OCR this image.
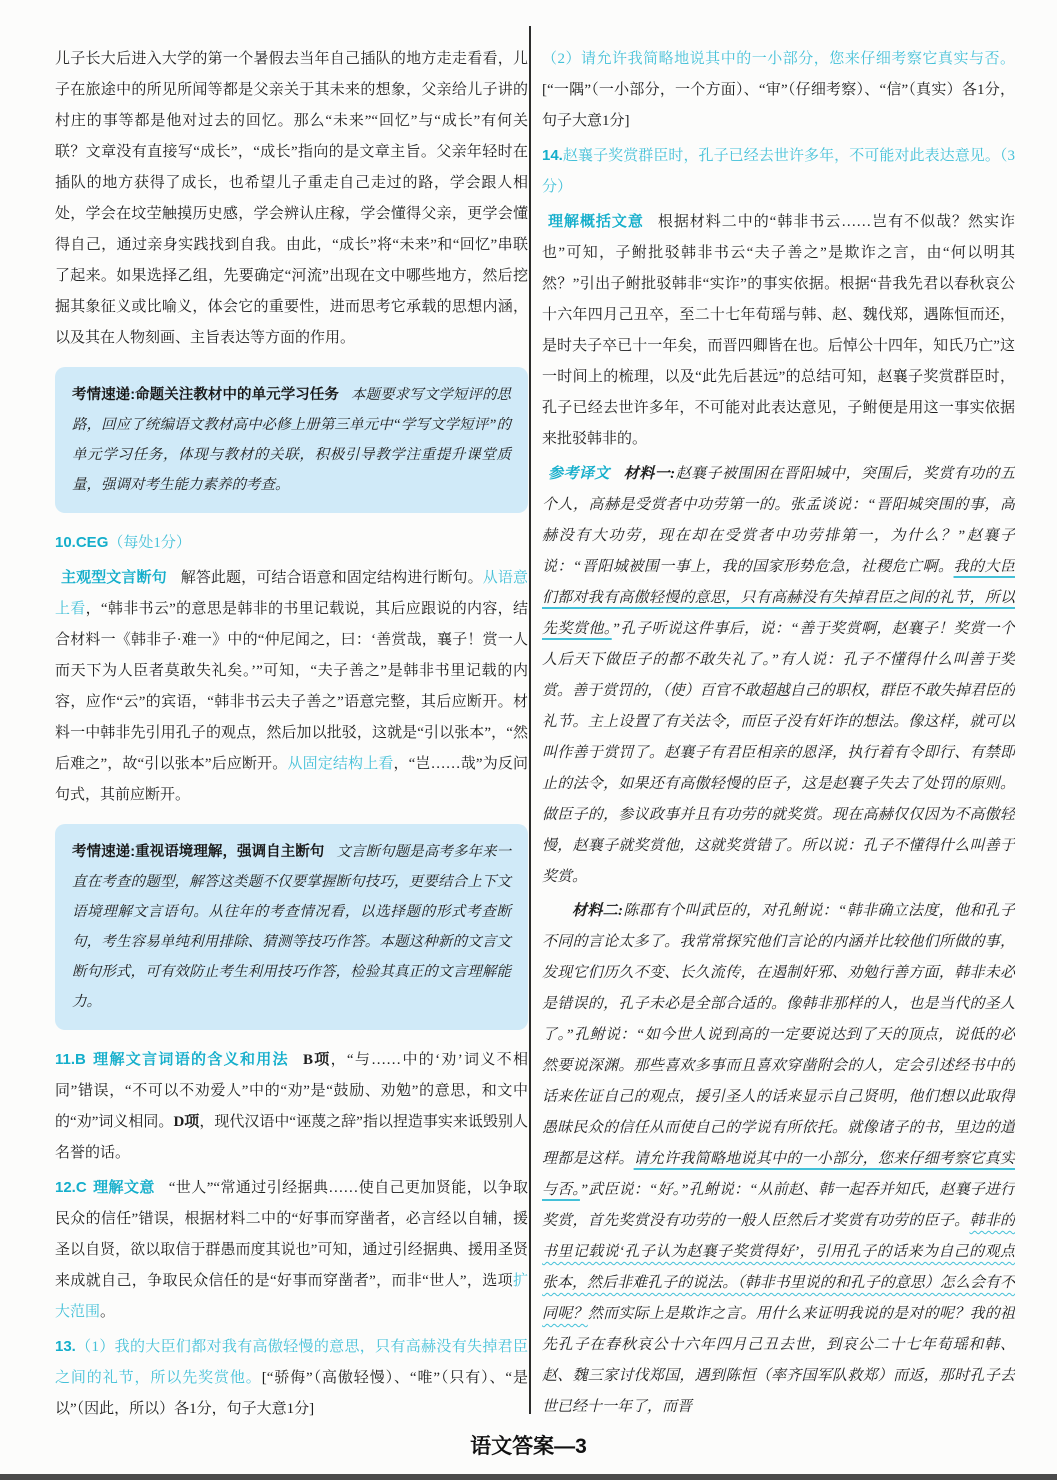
儿子长大后进入大学的第一个暑假去当年自己插队的地方走走看看，儿子在旅途中的所见所闻等都是父亲关于其未来的想象，父亲给儿子讲的村庄的事等都是他对过去的回忆。那么“未来”“回忆”与“成长”有何关联？文章没有直接写“成长”，“成长”指向的是文章主旨。父亲年轻时在插队的地方获得了成长，也希望儿子重走自己走过的路，学会跟人相处，学会在坟茔触摸历史感，学会辨认庄稼，学会懂得父亲，更学会懂得自己，通过亲身实践找到自我。由此，“成长”将“未来”和“回忆”串联了起来。如果选择乙组，先要确定“河流”出现在文中哪些地方，然后挖掘其象征义或比喻义，体会它的重要性，进而思考它承载的思想内涵，以及其在人物刻画、主旨表达等方面的作用。
考情速递:命题关注教材中的单元学习任务 本题要求写文学短评的思路，回应了统编语文教材高中必修上册第三单元中“学写文学短评”的单元学习任务，体现与教材的关联，积极引导教学注重提升课堂质量，强调对考生能力素养的考查。
10.CEG（每处1分）
主观型文言断句 解答此题，可结合语意和固定结构进行断句。从语意上看，“韩非书云”的意思是韩非的书里记载说，其后应跟说的内容，结合材料一《韩非子·难一》中的“仲尼闻之，曰：‘善赏哉，襄子！赏一人而天下为人臣者莫敢失礼矣。’”可知，“夫子善之”是韩非书里记载的内容，应作“云”的宾语，“韩非书云夫子善之”语意完整，其后应断开。材料一中韩非先引用孔子的观点，然后加以批驳，这就是“引以张本”，“然后难之”，故“引以张本”后应断开。从固定结构上看，“岂……哉”为反问句式，其前应断开。
考情速递:重视语境理解，强调自主断句 文言断句题是高考多年来一直在考查的题型，解答这类题不仅要掌握断句技巧，更要结合上下文语境理解文言语句。从往年的考查情况看，以选择题的形式考查断句，考生容易单纯利用排除、猜测等技巧作答。本题这种新的文言文断句形式，可有效防止考生利用技巧作答，检验其真正的文言理解能力。
11.B 理解文言词语的含义和用法 B项，“与……中的‘劝’词义不相同”错误，“不可以不劝爱人”中的“劝”是“鼓励、劝勉”的意思，和文中的“劝”词义相同。D项，现代汉语中“诬蔑之辞”指以捏造事实来诋毁别人名誉的话。
12.C 理解文意 “世人”“常通过引经据典……使自己更加贤能，以争取民众的信任”错误，根据材料二中的“好事而穿凿者，必言经以自辅，援圣以自贤，欲以取信于群愚而度其说也”可知，通过引经据典、援用圣贤来成就自己，争取民众信任的是“好事而穿凿者”，而非“世人”，选项扩大范围。
13.（1）我的大臣们都对我有高傲轻慢的意思，只有高赫没有失掉君臣之间的礼节，所以先奖赏他。[“骄侮”（高傲轻慢）、“唯”（只有）、“是以”（因此，所以）各1分，句子大意1分]
（2）请允许我简略地说其中的一小部分，您来仔细考察它真实与否。[“一隅”（一小部分，一个方面）、“审”（仔细考察）、“信”（真实）各1分，句子大意1分]
14.赵襄子奖赏群臣时，孔子已经去世许多年，不可能对此表达意见。（3分）
理解概括文意 根据材料二中的“韩非书云……岂有不似哉？然实诈也”可知，子鲋批驳韩非书云“夫子善之”是欺诈之言，由“何以明其然？”引出子鲋批驳韩非“实诈”的事实依据。根据“昔我先君以春秋哀公十六年四月己丑卒，至二十七年荀瑶与韩、赵、魏伐郑，遇陈恒而还，是时夫子卒已十一年矣，而晋四卿皆在也。后悼公十四年，知氏乃亡”这一时间上的梳理，以及“此先后甚远”的总结可知，赵襄子奖赏群臣时，孔子已经去世许多年，不可能对此表达意见，子鲋便是用这一事实依据来批驳韩非的。
参考译文 材料一:赵襄子被围困在晋阳城中，突围后，奖赏有功的五个人，高赫是受赏者中功劳第一的。张孟谈说：“晋阳城突围的事，高赫没有大功劳，现在却在受赏者中功劳排第一，为什么？”赵襄子说：“晋阳城被围一事上，我的国家形势危急，社稷危亡啊。我的大臣们都对我有高傲轻慢的意思，只有高赫没有失掉君臣之间的礼节，所以先奖赏他。”孔子听说这件事后，说：“善于奖赏啊，赵襄子！奖赏一个人后天下做臣子的都不敢失礼了。”有人说：孔子不懂得什么叫善于奖赏。善于赏罚的，（使）百官不敢超越自己的职权，群臣不敢失掉君臣的礼节。主上设置了有关法令，而臣子没有奸诈的想法。像这样，就可以叫作善于赏罚了。赵襄子有君臣相亲的恩泽，执行着有令即行、有禁即止的法令，如果还有高傲轻慢的臣子，这是赵襄子失去了处罚的原则。做臣子的，参议政事并且有功劳的就奖赏。现在高赫仅仅因为不高傲轻慢，赵襄子就奖赏他，这就奖赏错了。所以说：孔子不懂得什么叫善于奖赏。
材料二:陈郡有个叫武臣的，对孔鲋说：“韩非确立法度，他和孔子不同的言论太多了。我常常探究他们言论的内涵并比较他们所做的事，发现它们历久不变、长久流传，在遏制奸邪、劝勉行善方面，韩非未必是错误的，孔子未必是全部合适的。像韩非那样的人，也是当代的圣人了。”孔鲋说：“如今世人说到高的一定要说达到了天的顶点，说低的必然要说深渊。那些喜欢多事而且喜欢穿凿附会的人，定会引述经书中的话来佐证自己的观点，援引圣人的话来显示自己贤明，他们想以此取得愚昧民众的信任从而使自己的学说有所依托。就像诸子的书，里边的道理都是这样。请允许我简略地说其中的一小部分，您来仔细考察它真实与否。”武臣说：“好。”孔鲋说：“从前赵、韩一起吞并知氏，赵襄子进行奖赏，首先奖赏没有功劳的一般人臣然后才奖赏有功劳的臣子。韩非的书里记载说‘孔子认为赵襄子奖赏得好’，引用孔子的话来为自己的观点张本，然后非难孔子的说法。（韩非书里说的和孔子的意思）怎么会有不同呢？然而实际上是欺诈之言。用什么来证明我说的是对的呢？我的祖先孔子在春秋哀公十六年四月己丑去世，到哀公二十七年荀瑶和韩、赵、魏三家讨伐郑国，遇到陈恒（率齐国军队救郑）而返，那时孔子去世已经十一年了，而晋
语文答案—3
